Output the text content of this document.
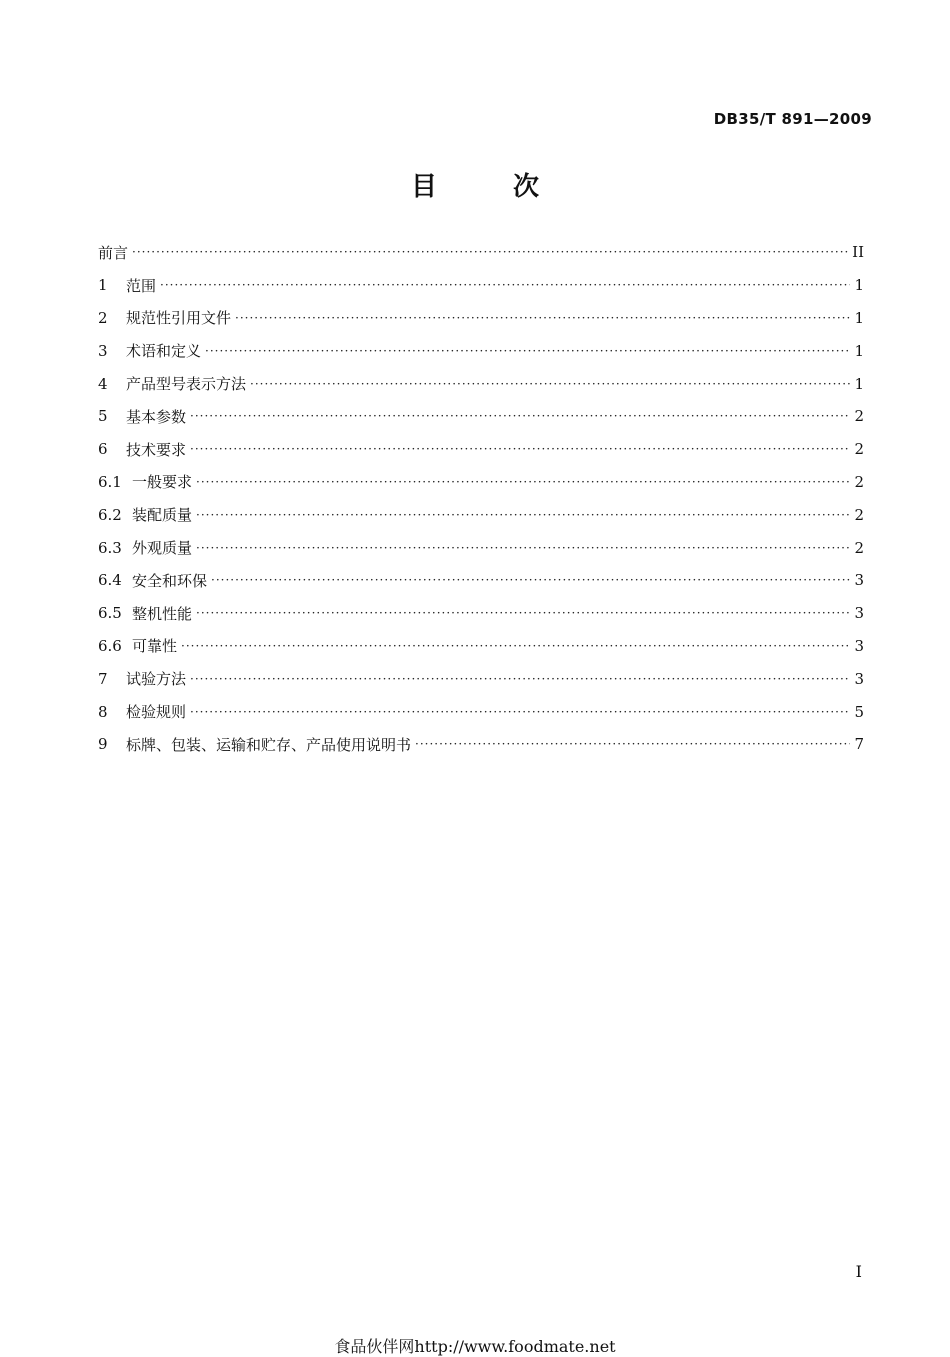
DB35/T 891—2009
目次
前言 ·····	II
1	范围 ·····	1
2	规范性引用文件 ·····	1
3	术语和定义 ·····	1
4	产品型号表示方法 ·····	1
5	基本参数 ·····	2
6	技术要求 ·····	2
6.1 一般要求 ·····	2
6.2 装配质量 ·····	2
6.3 外观质量 ·····	2
6.4 安全和环保 ·····	3
6.5 整机性能 ·····	3
6.6 可靠性 ·····	3
7	试验方法 ·····	3
8	检验规则 ·····	5
9	标牌、包装、运输和贮存、产品使用说明书 ·····	7
I
食品伙伴网http://www.foodmate.net
